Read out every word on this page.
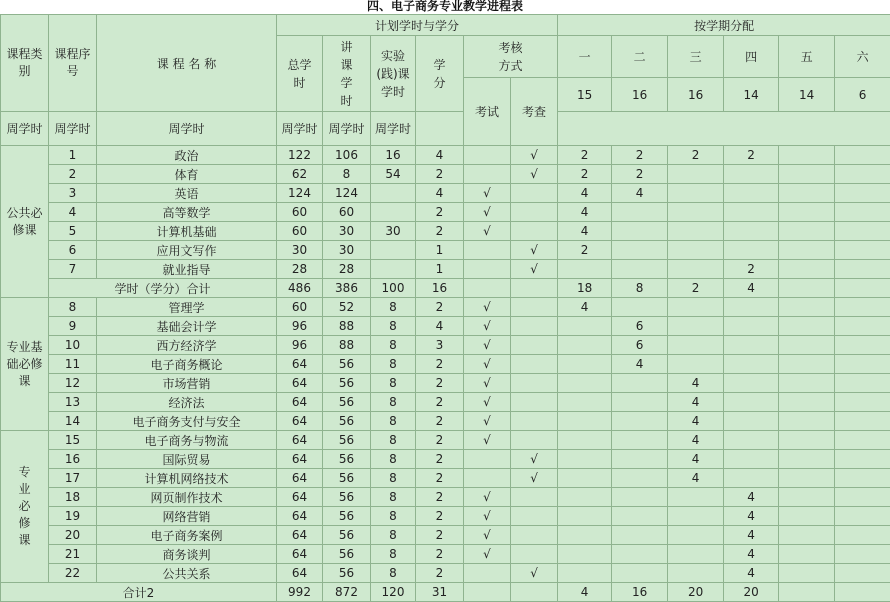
四、电子商务专业教学进程表
课程类别	课程序号	课 程 名 称	计划学时与学分						按学期分配					
			总学时	讲课学时	实验(践)课学时	学分	考核方式		一	二	三	四	五	六
							考试	考查	15	16	16	14	14	6
周学时	周学时	周学时	周学时	周学时	周学时									
公共必修课	1	政治	122	106	16	4		√	2	2	2	2		
	2	体育	62	8	54	2		√	2	2				
	3	英语	124	124		4	√		4	4				
	4	高等数学	60	60		2	√		4					
	5	计算机基础	60	30	30	2	√		4					
	6	应用文写作	30	30		1		√	2					
	7	就业指导	28	28		1		√				2		
	学时（学分）合计		486	386	100	16			18	8	2	4		
专业基础必修课	8	管理学	60	52	8	2	√		4					
	9	基础会计学	96	88	8	4	√			6				
	10	西方经济学	96	88	8	3	√			6				
	11	电子商务概论	64	56	8	2	√			4				
	12	市场营销	64	56	8	2	√				4			
	13	经济法	64	56	8	2	√				4			
	14	电子商务支付与安全	64	56	8	2	√				4			
专业必修课	15	电子商务与物流	64	56	8	2	√				4			
	16	国际贸易	64	56	8	2		√			4			
	17	计算机网络技术	64	56	8	2		√			4			
	18	网页制作技术	64	56	8	2	√					4		
	19	网络营销	64	56	8	2	√					4		
	20	电子商务案例	64	56	8	2	√					4		
	21	商务谈判	64	56	8	2	√					4		
	22	公共关系	64	56	8	2		√				4		
合计2			992	872	120	31			4	16	20	20		
